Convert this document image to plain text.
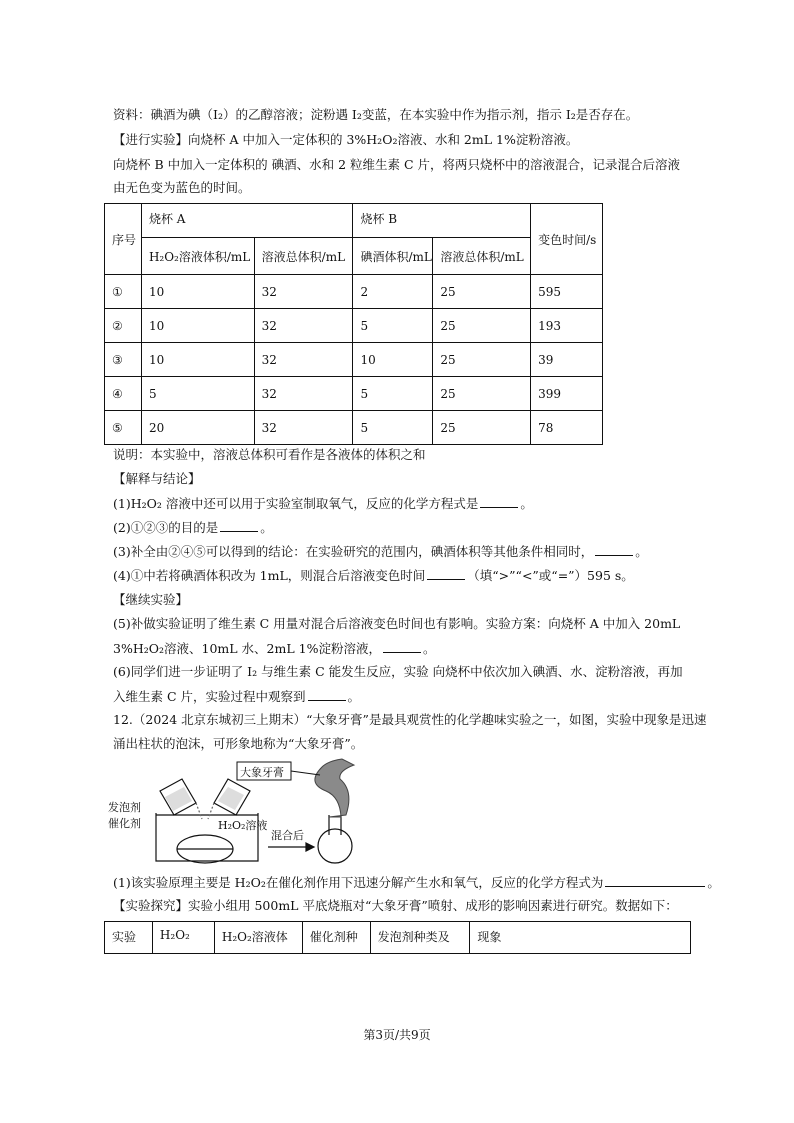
资料：碘酒为碘（I₂）的乙醇溶液；淀粉遇 I₂变蓝，在本实验中作为指示剂，指示 I₂是否存在。
【进行实验】向烧杯 A 中加入一定体积的 3%H₂O₂溶液、水和 2mL 1%淀粉溶液。
向烧杯 B 中加入一定体积的 碘酒、水和 2 粒维生素 C 片，将两只烧杯中的溶液混合，记录混合后溶液
由无色变为蓝色的时间。
序号	烧杯 A		烧杯 B		变色时间/s
	H₂O₂溶液体积/mL	溶液总体积/mL	碘酒体积/mL	溶液总体积/mL	
①	10	32	2	25	595
②	10	32	5	25	193
③	10	32	10	25	39
④	5	32	5	25	399
⑤	20	32	5	25	78
说明：本实验中，溶液总体积可看作是各液体的体积之和
【解释与结论】
(1)H₂O₂ 溶液中还可以用于实验室制取氧气，反应的化学方程式是	。
(2)①②③的目的是	。
(3)补全由②④⑤可以得到的结论：在实验研究的范围内，碘酒体积等其他条件相同时，	。
(4)①中若将碘酒体积改为 1mL，则混合后溶液变色时间	（填“>”“<”或“=”）595 s。
【继续实验】
(5)补做实验证明了维生素 C 用量对混合后溶液变色时间也有影响。实验方案：向烧杯 A 中加入 20mL
3%H₂O₂溶液、10mL 水、2mL 1%淀粉溶液，	。
(6)同学们进一步证明了 I₂ 与维生素 C 能发生反应，实验 向烧杯中依次加入碘酒、水、淀粉溶液，再加
入维生素 C 片，实验过程中观察到	。
12.（2024 北京东城初三上期末）“大象牙膏”是最具观赏性的化学趣味实验之一，如图，实验中现象是迅速
涌出柱状的泡沫，可形象地称为“大象牙膏”。
混合后
大象牙膏
发泡剂
催化剂	H₂O₂溶液
(1)该实验原理主要是 H₂O₂在催化剂作用下迅速分解产生水和氧气，反应的化学方程式为	。
【实验探究】实验小组用 500mL 平底烧瓶对“大象牙膏”喷射、成形的影响因素进行研究。数据如下：
实验	H₂O₂	H₂O₂溶液体	催化剂种	发泡剂种类及	现象
第3页/共9页
